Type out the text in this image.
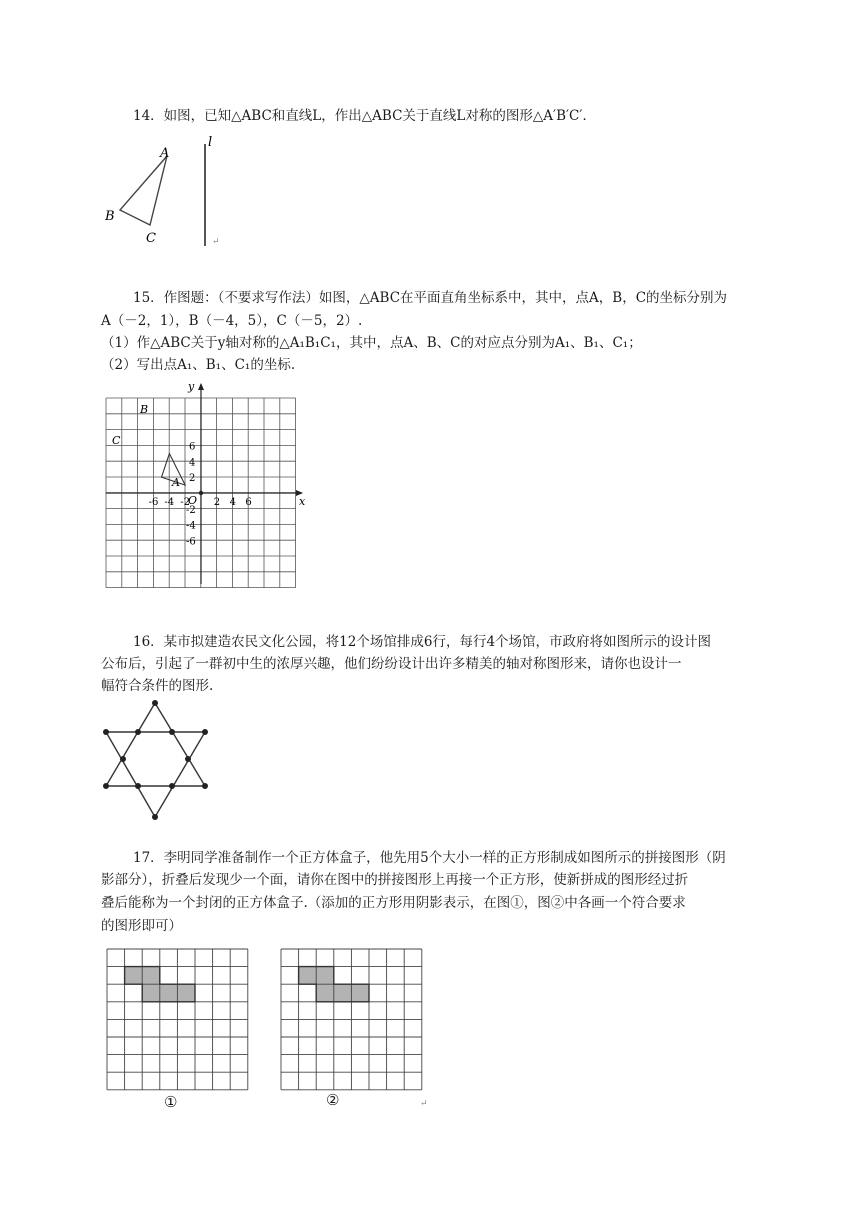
14．如图，已知△ABC和直线L，作出△ABC关于直线L对称的图形△A′B′C′．
l
A
B
C	↵
15．作图题：（不要求写作法）如图，△ABC在平面直角坐标系中，其中，点A，B，C的坐标分别为
A（－2，1），B（－4，5），C（－5，2）.
（1）作△ABC关于y轴对称的△A₁B₁C₁，其中，点A、B、C的对应点分别为A₁、B₁、C₁；
（2）写出点A₁、B₁、C₁的坐标.
x
y
O
-6 -4 -2 2 4 6
6
4
2
-2
-4
-6
A
B
C
16．某市拟建造农民文化公园，将12个场馆排成6行，每行4个场馆，市政府将如图所示的设计图
公布后，引起了一群初中生的浓厚兴趣，他们纷纷设计出许多精美的轴对称图形来，请你也设计一
幅符合条件的图形.
17．李明同学准备制作一个正方体盒子，他先用5个大小一样的正方形制成如图所示的拼接图形（阴
影部分），折叠后发现少一个面，请你在图中的拼接图形上再接一个正方形，使新拼成的图形经过折
叠后能称为一个封闭的正方体盒子.（添加的正方形用阴影表示，在图①，图②中各画一个符合要求
的图形即可）
①	②	↵
